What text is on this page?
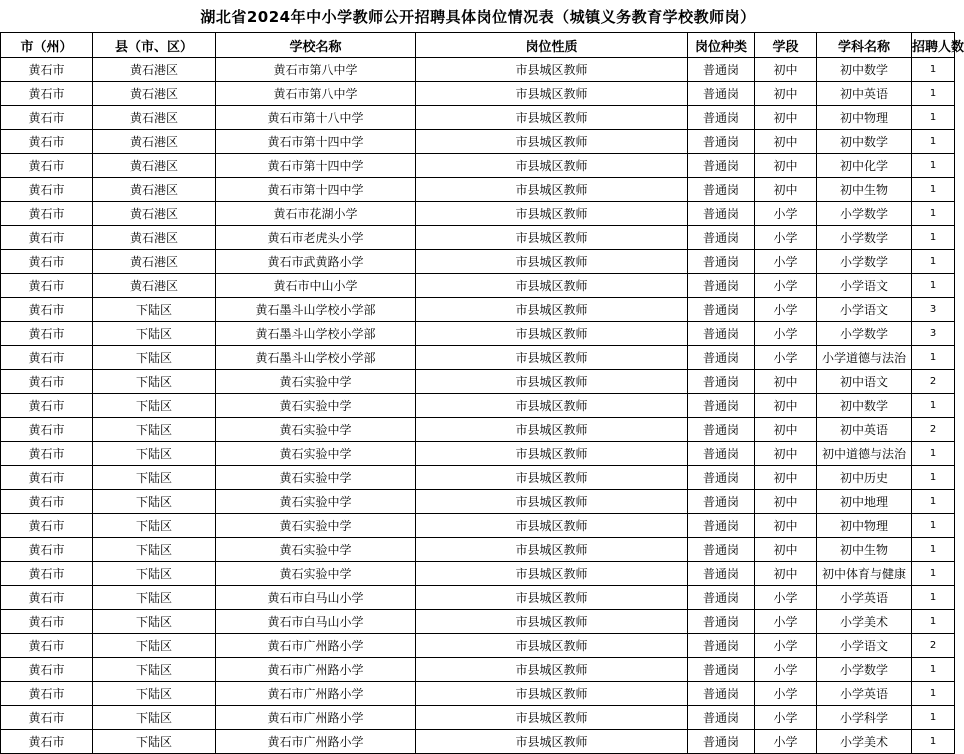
湖北省2024年中小学教师公开招聘具体岗位情况表（城镇义务教育学校教师岗）
市（州）	县（市、区）	学校名称	岗位性质	岗位种类	学段	学科名称	招聘人数
黄石市	黄石港区	黄石市第八中学	市县城区教师	普通岗	初中	初中数学	1
黄石市	黄石港区	黄石市第八中学	市县城区教师	普通岗	初中	初中英语	1
黄石市	黄石港区	黄石市第十八中学	市县城区教师	普通岗	初中	初中物理	1
黄石市	黄石港区	黄石市第十四中学	市县城区教师	普通岗	初中	初中数学	1
黄石市	黄石港区	黄石市第十四中学	市县城区教师	普通岗	初中	初中化学	1
黄石市	黄石港区	黄石市第十四中学	市县城区教师	普通岗	初中	初中生物	1
黄石市	黄石港区	黄石市花湖小学	市县城区教师	普通岗	小学	小学数学	1
黄石市	黄石港区	黄石市老虎头小学	市县城区教师	普通岗	小学	小学数学	1
黄石市	黄石港区	黄石市武黄路小学	市县城区教师	普通岗	小学	小学数学	1
黄石市	黄石港区	黄石市中山小学	市县城区教师	普通岗	小学	小学语文	1
黄石市	下陆区	黄石墨斗山学校小学部	市县城区教师	普通岗	小学	小学语文	3
黄石市	下陆区	黄石墨斗山学校小学部	市县城区教师	普通岗	小学	小学数学	3
黄石市	下陆区	黄石墨斗山学校小学部	市县城区教师	普通岗	小学	小学道德与法治	1
黄石市	下陆区	黄石实验中学	市县城区教师	普通岗	初中	初中语文	2
黄石市	下陆区	黄石实验中学	市县城区教师	普通岗	初中	初中数学	1
黄石市	下陆区	黄石实验中学	市县城区教师	普通岗	初中	初中英语	2
黄石市	下陆区	黄石实验中学	市县城区教师	普通岗	初中	初中道德与法治	1
黄石市	下陆区	黄石实验中学	市县城区教师	普通岗	初中	初中历史	1
黄石市	下陆区	黄石实验中学	市县城区教师	普通岗	初中	初中地理	1
黄石市	下陆区	黄石实验中学	市县城区教师	普通岗	初中	初中物理	1
黄石市	下陆区	黄石实验中学	市县城区教师	普通岗	初中	初中生物	1
黄石市	下陆区	黄石实验中学	市县城区教师	普通岗	初中	初中体育与健康	1
黄石市	下陆区	黄石市白马山小学	市县城区教师	普通岗	小学	小学英语	1
黄石市	下陆区	黄石市白马山小学	市县城区教师	普通岗	小学	小学美术	1
黄石市	下陆区	黄石市广州路小学	市县城区教师	普通岗	小学	小学语文	2
黄石市	下陆区	黄石市广州路小学	市县城区教师	普通岗	小学	小学数学	1
黄石市	下陆区	黄石市广州路小学	市县城区教师	普通岗	小学	小学英语	1
黄石市	下陆区	黄石市广州路小学	市县城区教师	普通岗	小学	小学科学	1
黄石市	下陆区	黄石市广州路小学	市县城区教师	普通岗	小学	小学美术	1
